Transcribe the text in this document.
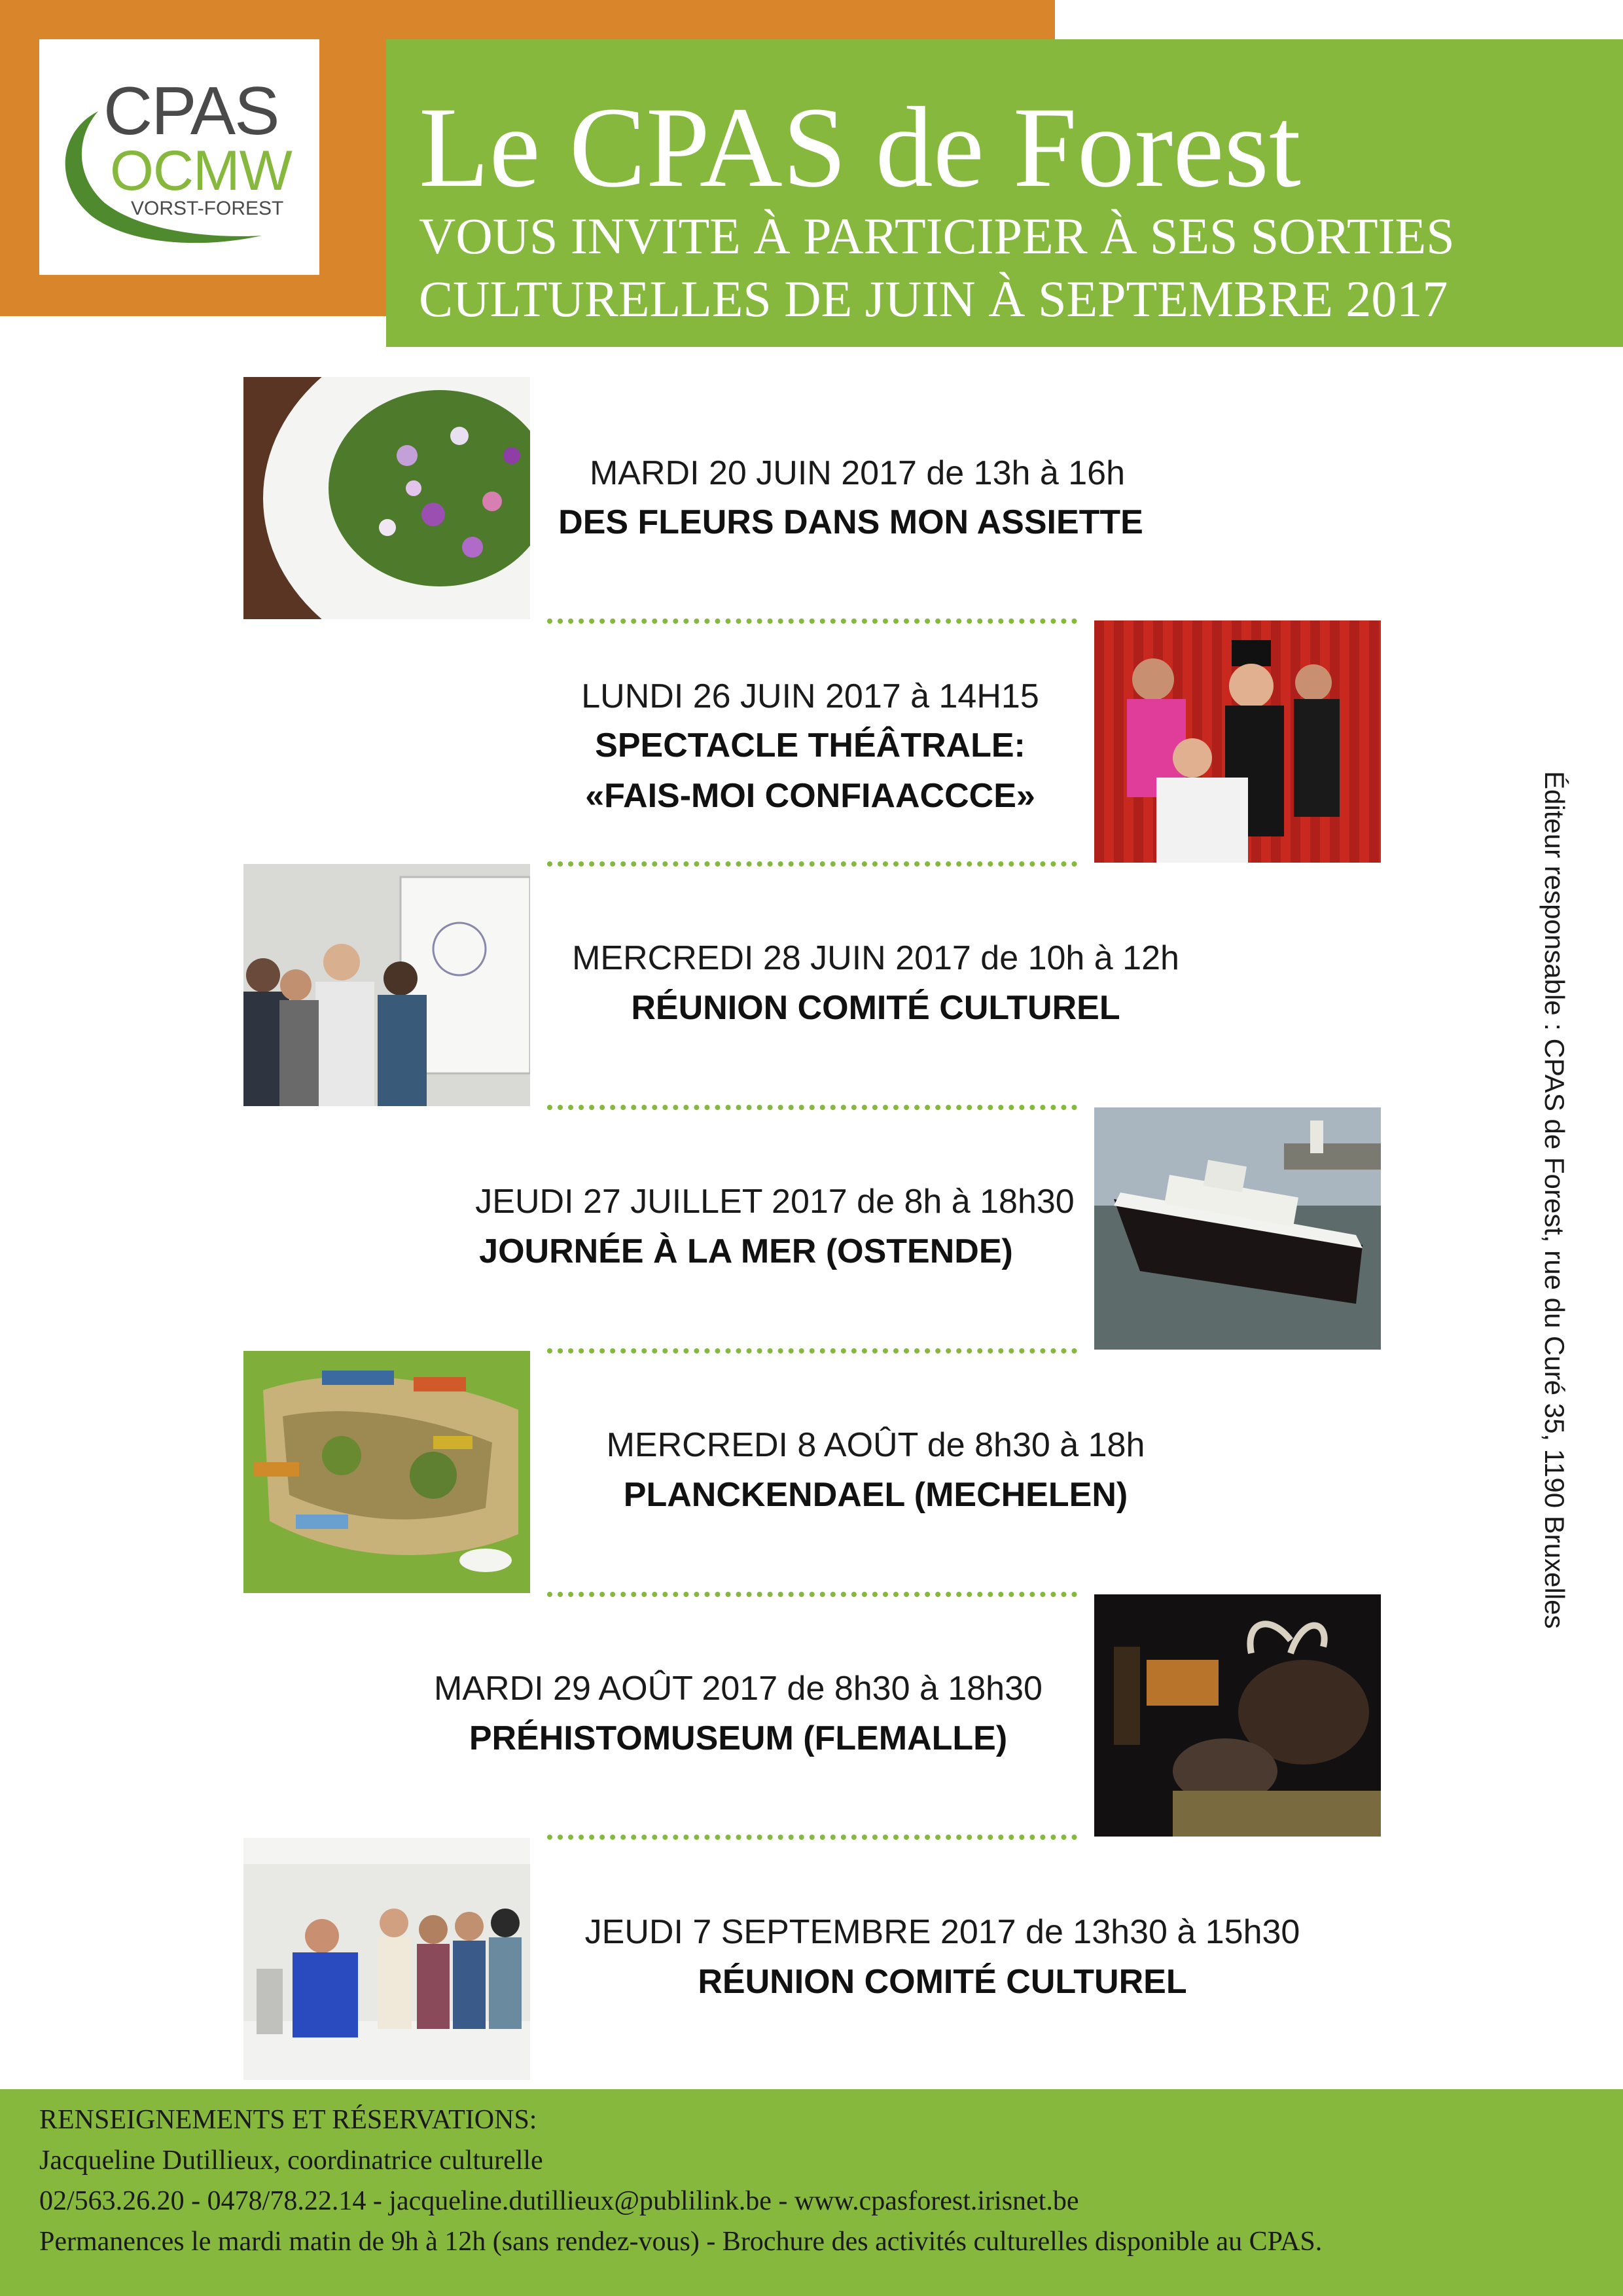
CPAS
OCMW
VORST-FOREST Le CPAS de Forest
VOUS INVITE À PARTICIPER À SES SORTIES
CULTURELLES DE JUIN À SEPTEMBRE 2017
MARDI 20 JUIN 2017 de 13h à 16h
DES FLEURS DANS MON ASSIETTE
LUNDI 26 JUIN 2017 à 14H15
SPECTACLE THÉÂTRALE:
«FAIS-MOI CONFIAACCCE»
MERCREDI 28 JUIN 2017 de 10h à 12h
RÉUNION COMITÉ CULTUREL
JEUDI 27 JUILLET 2017 de 8h à 18h30
JOURNÉE À LA MER (OSTENDE)
MERCREDI 8 AOÛT de 8h30 à 18h
PLANCKENDAEL (MECHELEN)
MARDI 29 AOÛT 2017 de 8h30 à 18h30
PRÉHISTOMUSEUM (FLEMALLE)
JEUDI 7 SEPTEMBRE 2017 de 13h30 à 15h30
RÉUNION COMITÉ CULTUREL
Éditeur responsable : CPAS de Forest, rue du Curé 35, 1190 Bruxelles
RENSEIGNEMENTS ET RÉSERVATIONS:
Jacqueline Dutillieux, coordinatrice culturelle
02/563.26.20 - 0478/78.22.14 - jacqueline.dutillieux@publilink.be - www.cpasforest.irisnet.be
Permanences le mardi matin de 9h à 12h (sans rendez-vous) - Brochure des activités culturelles disponible au CPAS.
